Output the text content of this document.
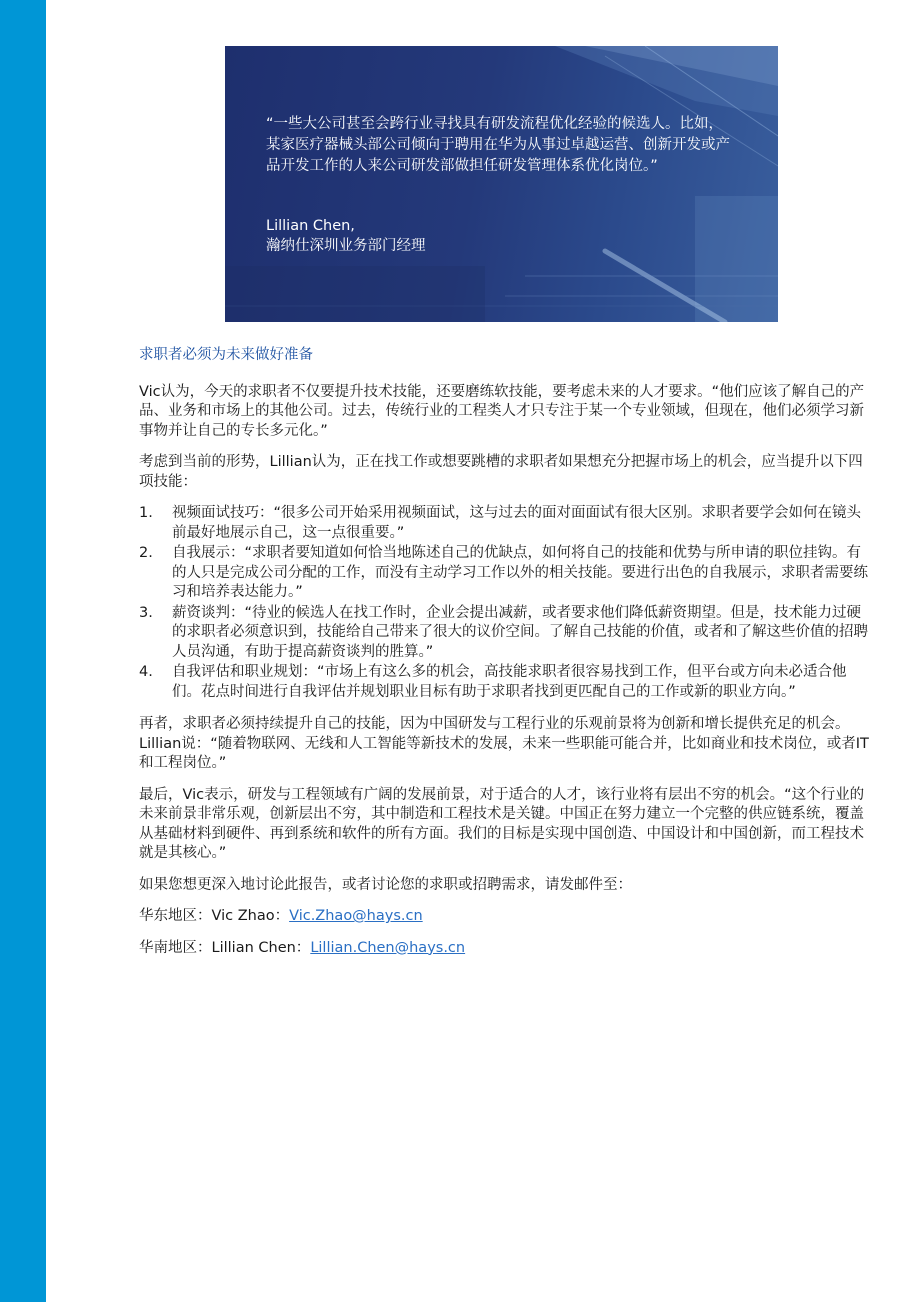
“一些大公司甚至会跨行业寻找具有研发流程优化经验的候选人。比如，某家医疗器械头部公司倾向于聘用在华为从事过卓越运营、创新开发或产品开发工作的人来公司研发部做担任研发管理体系优化岗位。”

Lillian Chen,
瀚纳仕深圳业务部门经理
求职者必须为未来做好准备

Vic认为，今天的求职者不仅要提升技术技能，还要磨练软技能，要考虑未来的人才要求。“他们应该了解自己的产品、业务和市场上的其他公司。过去，传统行业的工程类人才只专注于某一个专业领域，但现在，他们必须学习新事物并让自己的专长多元化。”

考虑到当前的形势，Lillian认为，正在找工作或想要跳槽的求职者如果想充分把握市场上的机会，应当提升以下四项技能：

1. 视频面试技巧：“很多公司开始采用视频面试，这与过去的面对面面试有很大区别。求职者要学会如何在镜头前最好地展示自己，这一点很重要。”
2. 自我展示：“求职者要知道如何恰当地陈述自己的优缺点，如何将自己的技能和优势与所申请的职位挂钩。有的人只是完成公司分配的工作，而没有主动学习工作以外的相关技能。要进行出色的自我展示，求职者需要练习和培养表达能力。”
3. 薪资谈判：“待业的候选人在找工作时，企业会提出减薪，或者要求他们降低薪资期望。但是，技术能力过硬的求职者必须意识到，技能给自己带来了很大的议价空间。了解自己技能的价值，或者和了解这些价值的招聘人员沟通，有助于提高薪资谈判的胜算。”
4. 自我评估和职业规划：“市场上有这么多的机会，高技能求职者很容易找到工作，但平台或方向未必适合他们。花点时间进行自我评估并规划职业目标有助于求职者找到更匹配自己的工作或新的职业方向。”

再者，求职者必须持续提升自己的技能，因为中国研发与工程行业的乐观前景将为创新和增长提供充足的机会。Lillian说：“随着物联网、无线和人工智能等新技术的发展，未来一些职能可能合并，比如商业和技术岗位，或者IT和工程岗位。”

最后，Vic表示，研发与工程领域有广阔的发展前景，对于适合的人才，该行业将有层出不穷的机会。“这个行业的未来前景非常乐观，创新层出不穷，其中制造和工程技术是关键。中国正在努力建立一个完整的供应链系统，覆盖从基础材料到硬件、再到系统和软件的所有方面。我们的目标是实现中国创造、中国设计和中国创新，而工程技术就是其核心。”

如果您想更深入地讨论此报告，或者讨论您的求职或招聘需求，请发邮件至：

华东地区：Vic Zhao：Vic.Zhao@hays.cn
华南地区：Lillian Chen：Lillian.Chen@hays.cn
